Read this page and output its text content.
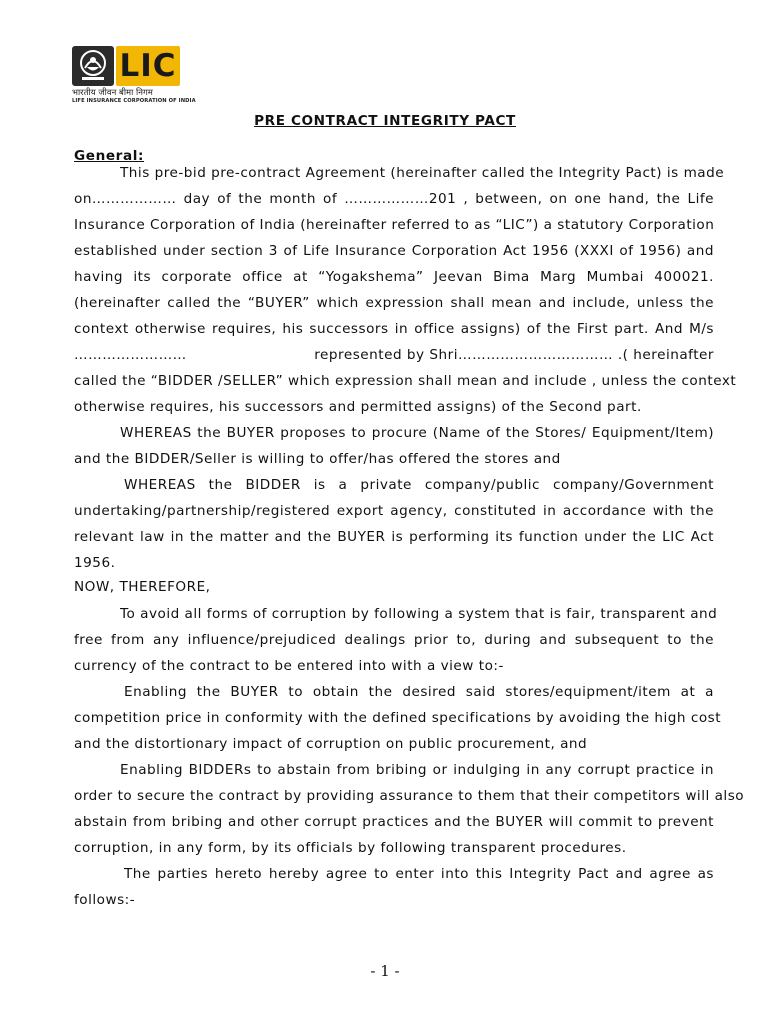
LIC
भारतीय जीवन बीमा निगम
LIFE INSURANCE CORPORATION OF INDIA
PRE CONTRACT INTEGRITY PACT
General:
This pre-bid pre-contract Agreement (hereinafter called the Integrity Pact) is made
on……………… day of the month of ………………201 , between, on one hand, the Life
Insurance Corporation of India (hereinafter referred to as “LIC”) a statutory Corporation
established under section 3 of Life Insurance Corporation Act 1956 (XXXI of 1956) and
having its corporate office at “Yogakshema” Jeevan Bima Marg Mumbai 400021.
(hereinafter called the “BUYER” which expression shall mean and include, unless the
context otherwise requires, his successors in office assigns) of the First part. And M/s
……………………	represented by Shri…………………………… .( hereinafter
called the “BIDDER /SELLER” which expression shall mean and include , unless the context
otherwise requires, his successors and permitted assigns) of the Second part.
WHEREAS the BUYER proposes to procure (Name of the Stores/ Equipment/Item)
and the BIDDER/Seller is willing to offer/has offered the stores and
WHEREAS the BIDDER is a private company/public company/Government
undertaking/partnership/registered export agency, constituted in accordance with the
relevant law in the matter and the BUYER is performing its function under the LIC Act
1956.
NOW, THEREFORE,
To avoid all forms of corruption by following a system that is fair, transparent and
free from any influence/prejudiced dealings prior to, during and subsequent to the
currency of the contract to be entered into with a view to:-
Enabling the BUYER to obtain the desired said stores/equipment/item at a
competition price in conformity with the defined specifications by avoiding the high cost
and the distortionary impact of corruption on public procurement, and
Enabling BIDDERs to abstain from bribing or indulging in any corrupt practice in
order to secure the contract by providing assurance to them that their competitors will also
abstain from bribing and other corrupt practices and the BUYER will commit to prevent
corruption, in any form, by its officials by following transparent procedures.
The parties hereto hereby agree to enter into this Integrity Pact and agree as
follows:-
- 1 -
